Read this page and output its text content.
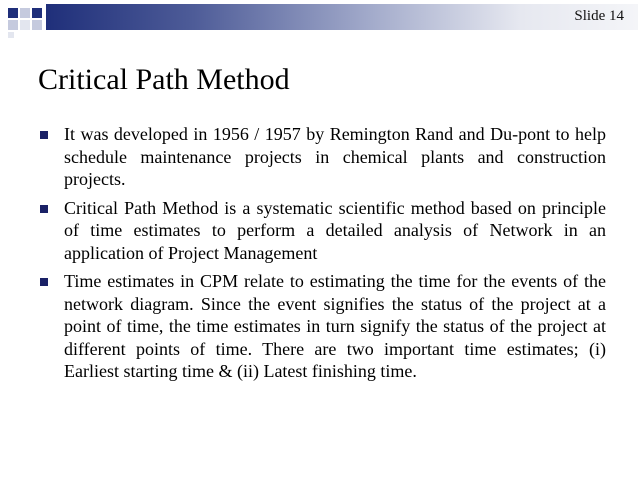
Slide 14
Critical Path Method
It was developed in 1956 / 1957 by Remington Rand and Du-pont to help schedule maintenance projects in chemical plants and construction projects.
Critical Path Method is a systematic scientific method based on principle of time estimates to perform a detailed analysis of Network in an application of Project Management
Time estimates in CPM relate to estimating the time for the events of the network diagram. Since the event signifies the status of the project at a point of time, the time estimates in turn signify the status of the project at different points of time. There are two important time estimates; (i) Earliest starting time & (ii) Latest finishing time.
